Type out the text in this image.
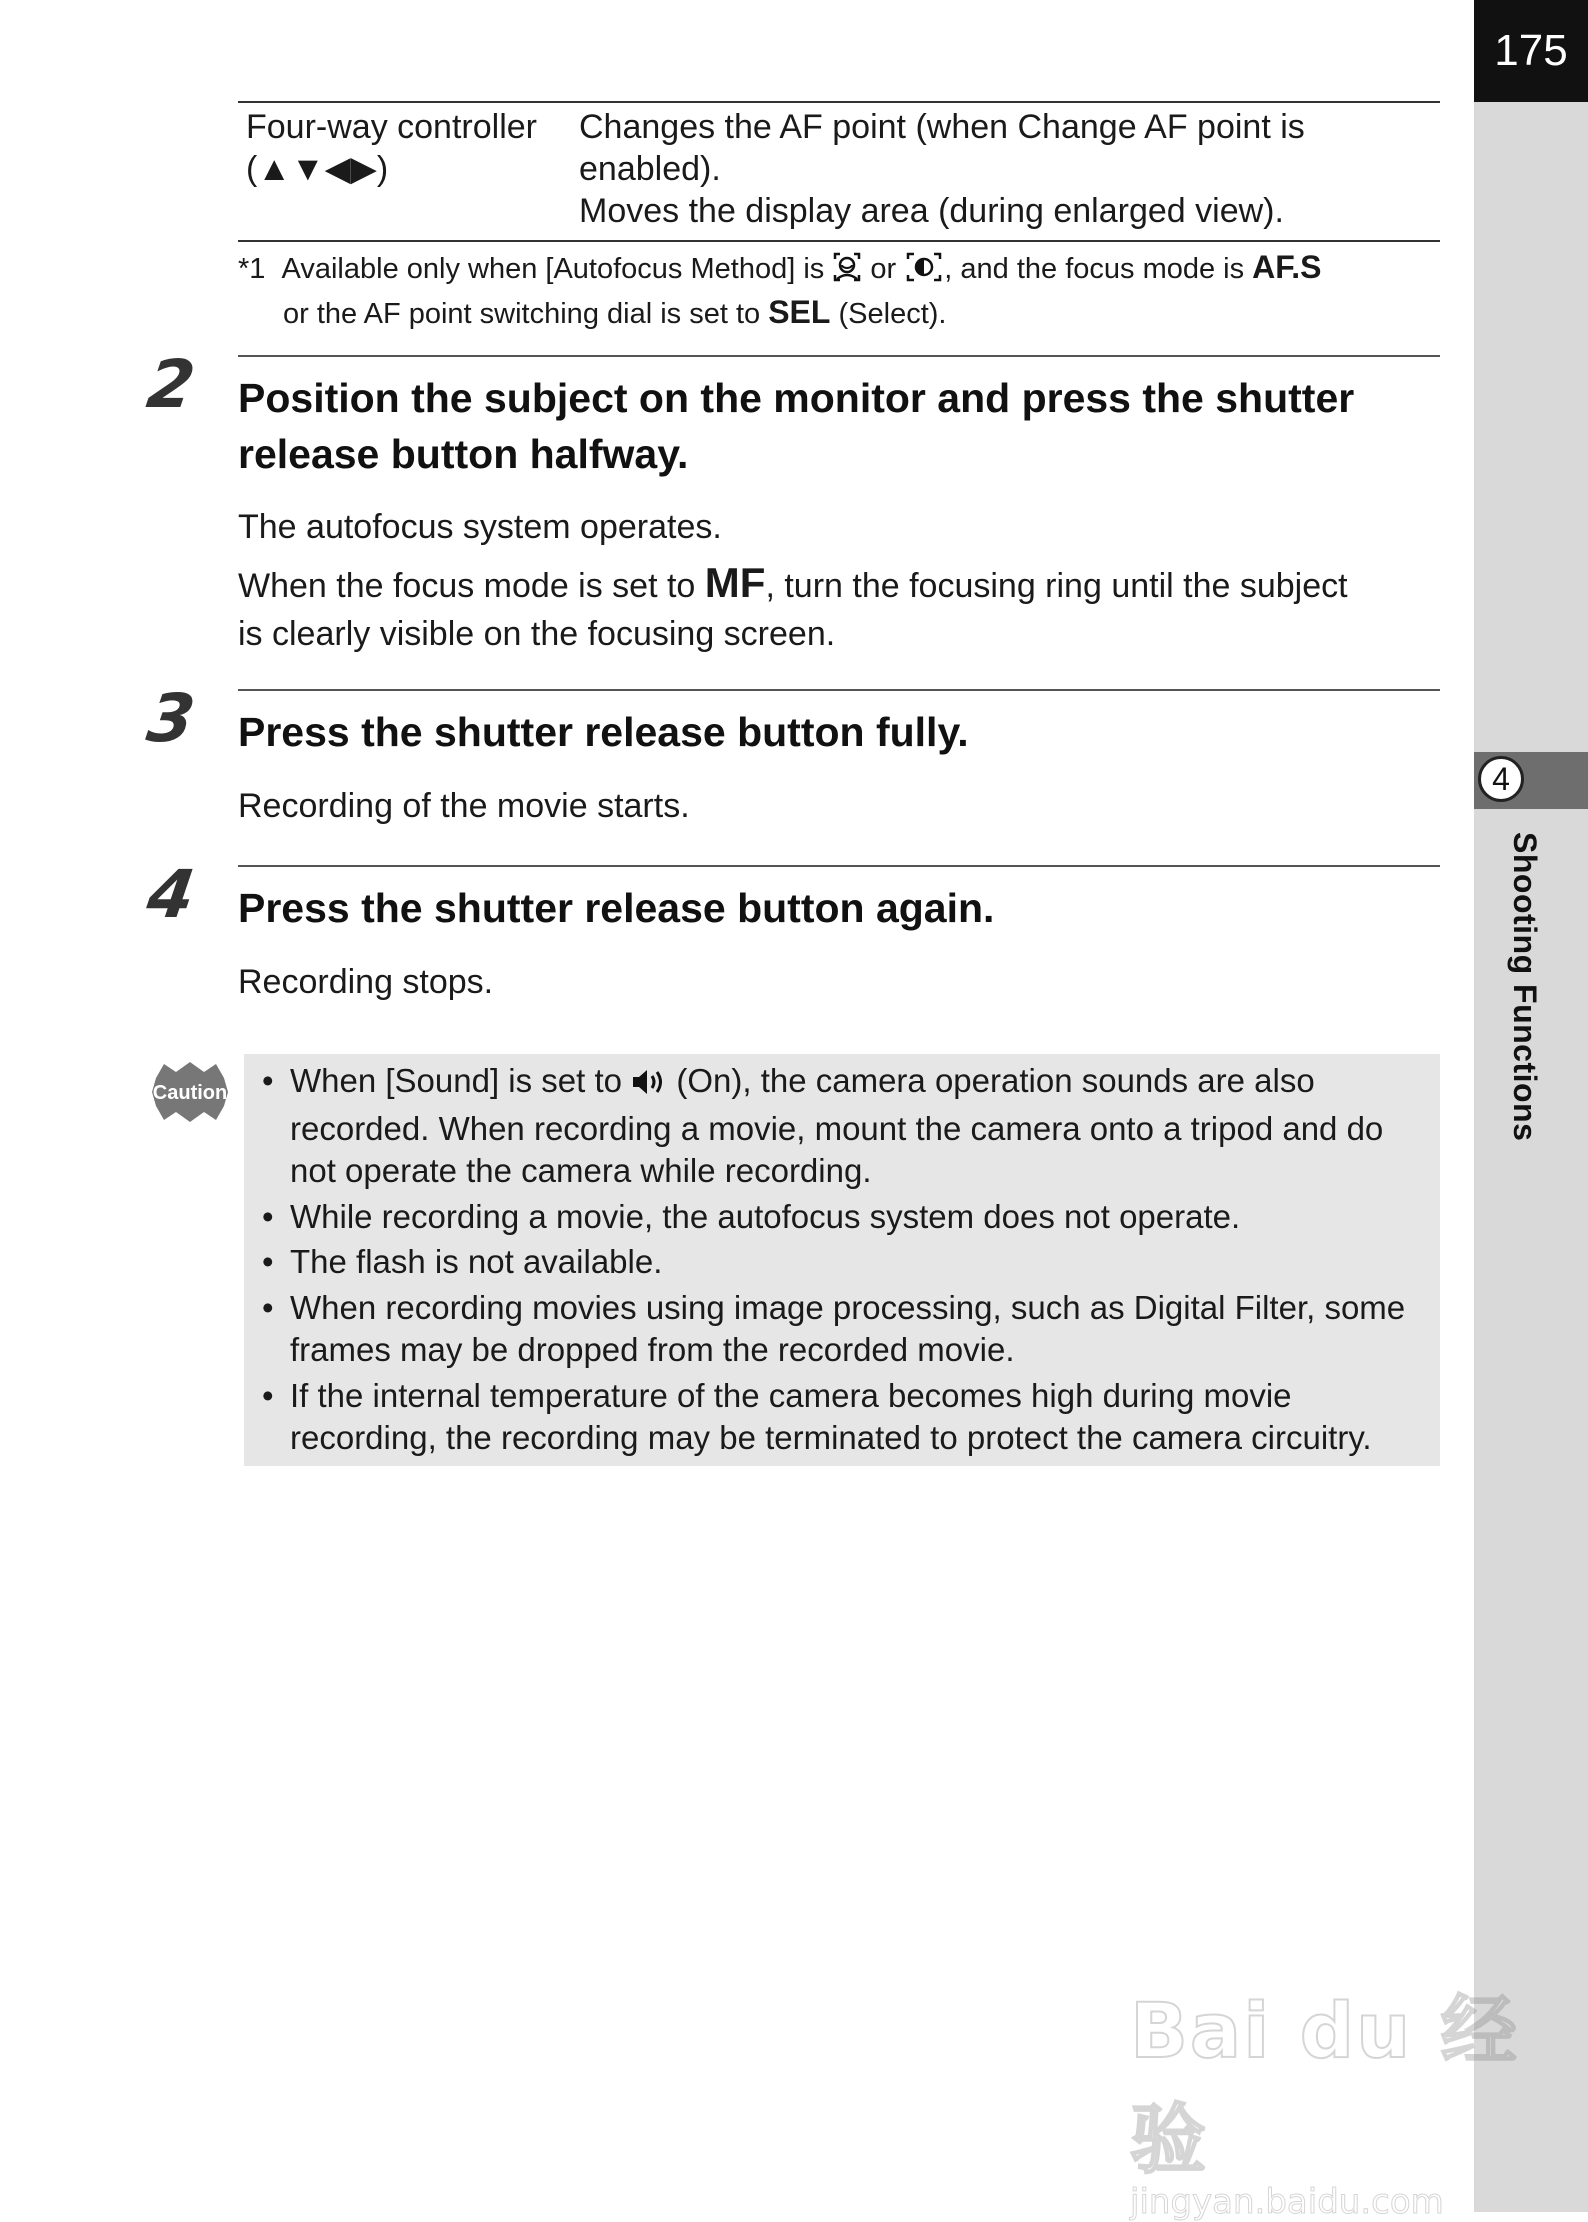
175
4
Shooting Functions
Four-way controller
(▲▼◀▶)
Changes the AF point (when Change AF point is
enabled).
Moves the display area (during enlarged view).
*1 Available only when [Autofocus Method] is or , and the focus mode is AF.S
or the AF point switching dial is set to SEL (Select).
2 Position the subject on the monitor and press the shutter
release button halfway.
The autofocus system operates.
When the focus mode is set to MF, turn the focusing ring until the subject
is clearly visible on the focusing screen.
3 Press the shutter release button fully.
Recording of the movie starts.
4 Press the shutter release button again.
Recording stops.
Caution
• When [Sound] is set to (On), the camera operation sounds are also
recorded. When recording a movie, mount the camera onto a tripod and do
not operate the camera while recording.
• While recording a movie, the autofocus system does not operate.
• The flash is not available.
• When recording movies using image processing, such as Digital Filter, some
frames may be dropped from the recorded movie.
• If the internal temperature of the camera becomes high during movie
recording, the recording may be terminated to protect the camera circuitry.
Bai du 经验
jingyan.baidu.com
